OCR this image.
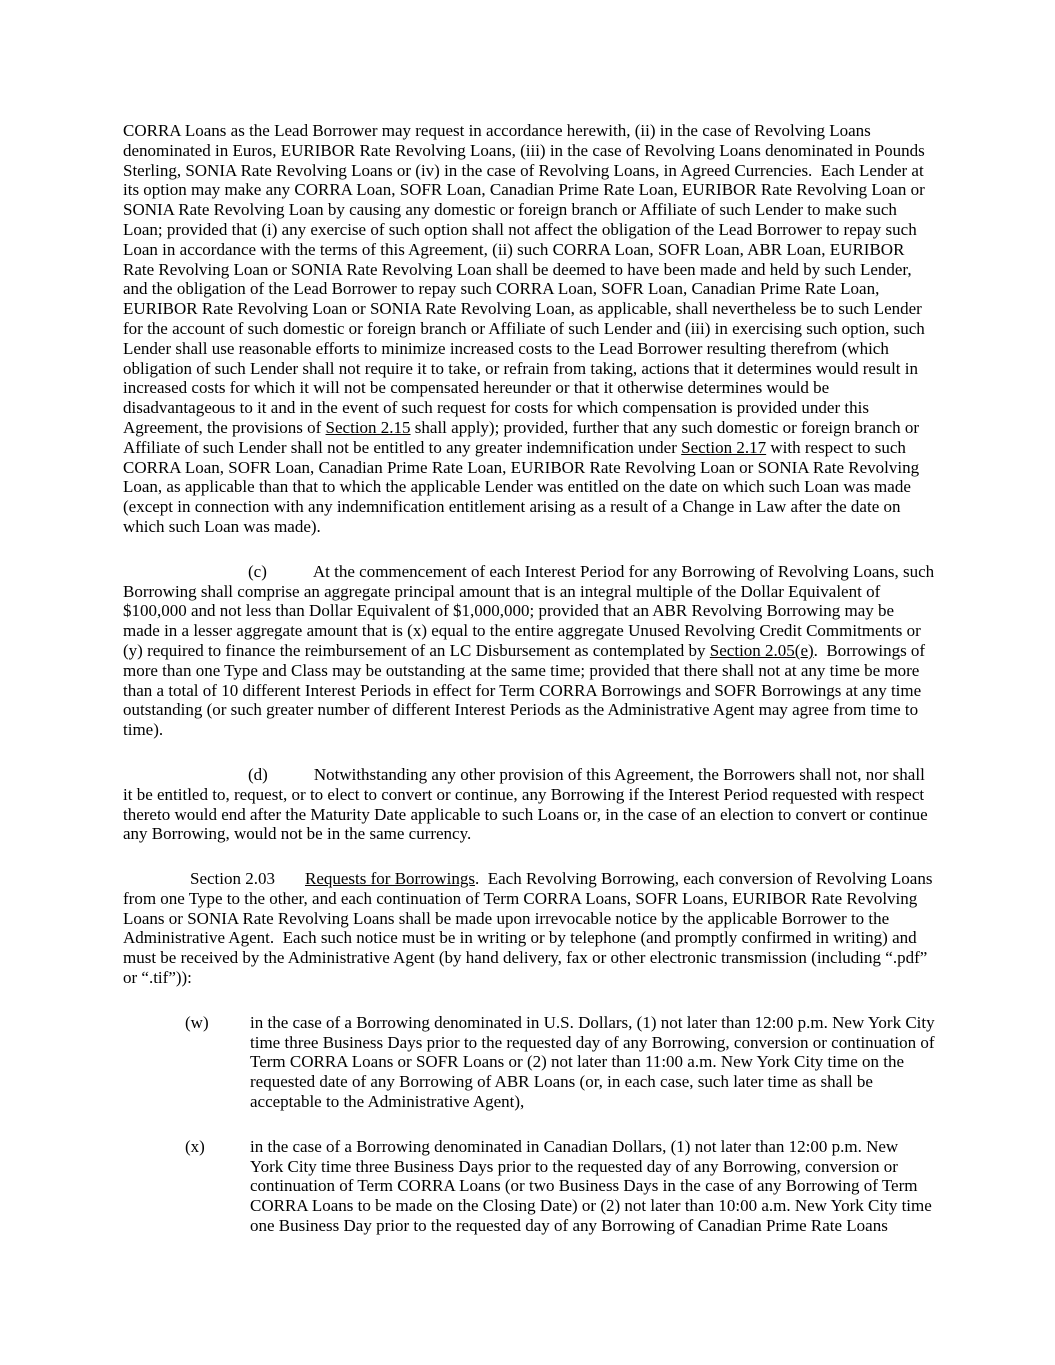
CORRA Loans as the Lead Borrower may request in accordance herewith, (ii) in the case of Revolving Loans denominated in Euros, EURIBOR Rate Revolving Loans, (iii) in the case of Revolving Loans denominated in Pounds Sterling, SONIA Rate Revolving Loans or (iv) in the case of Revolving Loans, in Agreed Currencies.  Each Lender at its option may make any CORRA Loan, SOFR Loan, Canadian Prime Rate Loan, EURIBOR Rate Revolving Loan or SONIA Rate Revolving Loan by causing any domestic or foreign branch or Affiliate of such Lender to make such Loan; provided that (i) any exercise of such option shall not affect the obligation of the Lead Borrower to repay such Loan in accordance with the terms of this Agreement, (ii) such CORRA Loan, SOFR Loan, ABR Loan, EURIBOR Rate Revolving Loan or SONIA Rate Revolving Loan shall be deemed to have been made and held by such Lender, and the obligation of the Lead Borrower to repay such CORRA Loan, SOFR Loan, Canadian Prime Rate Loan, EURIBOR Rate Revolving Loan or SONIA Rate Revolving Loan, as applicable, shall nevertheless be to such Lender for the account of such domestic or foreign branch or Affiliate of such Lender and (iii) in exercising such option, such Lender shall use reasonable efforts to minimize increased costs to the Lead Borrower resulting therefrom (which obligation of such Lender shall not require it to take, or refrain from taking, actions that it determines would result in increased costs for which it will not be compensated hereunder or that it otherwise determines would be disadvantageous to it and in the event of such request for costs for which compensation is provided under this Agreement, the provisions of Section 2.15 shall apply); provided, further that any such domestic or foreign branch or Affiliate of such Lender shall not be entitled to any greater indemnification under Section 2.17 with respect to such CORRA Loan, SOFR Loan, Canadian Prime Rate Loan, EURIBOR Rate Revolving Loan or SONIA Rate Revolving Loan, as applicable than that to which the applicable Lender was entitled on the date on which such Loan was made (except in connection with any indemnification entitlement arising as a result of a Change in Law after the date on which such Loan was made).

(c)	At the commencement of each Interest Period for any Borrowing of Revolving Loans, such Borrowing shall comprise an aggregate principal amount that is an integral multiple of the Dollar Equivalent of $100,000 and not less than Dollar Equivalent of $1,000,000; provided that an ABR Revolving Borrowing may be made in a lesser aggregate amount that is (x) equal to the entire aggregate Unused Revolving Credit Commitments or (y) required to finance the reimbursement of an LC Disbursement as contemplated by Section 2.05(e).  Borrowings of more than one Type and Class may be outstanding at the same time; provided that there shall not at any time be more than a total of 10 different Interest Periods in effect for Term CORRA Borrowings and SOFR Borrowings at any time outstanding (or such greater number of different Interest Periods as the Administrative Agent may agree from time to time).

(d)	Notwithstanding any other provision of this Agreement, the Borrowers shall not, nor shall it be entitled to, request, or to elect to convert or continue, any Borrowing if the Interest Period requested with respect thereto would end after the Maturity Date applicable to such Loans or, in the case of an election to convert or continue any Borrowing, would not be in the same currency.

Section 2.03 Requests for Borrowings.  Each Revolving Borrowing, each conversion of Revolving Loans from one Type to the other, and each continuation of Term CORRA Loans, SOFR Loans, EURIBOR Rate Revolving Loans or SONIA Rate Revolving Loans shall be made upon irrevocable notice by the applicable Borrower to the Administrative Agent.  Each such notice must be in writing or by telephone (and promptly confirmed in writing) and must be received by the Administrative Agent (by hand delivery, fax or other electronic transmission (including “.pdf” or “.tif”)):

(w) in the case of a Borrowing denominated in U.S. Dollars, (1) not later than 12:00 p.m. New York City time three Business Days prior to the requested day of any Borrowing, conversion or continuation of Term CORRA Loans or SOFR Loans or (2) not later than 11:00 a.m. New York City time on the requested date of any Borrowing of ABR Loans (or, in each case, such later time as shall be acceptable to the Administrative Agent),
(x)	in the case of a Borrowing denominated in Canadian Dollars, (1) not later than 12:00 p.m. New York City time three Business Days prior to the requested day of any Borrowing, conversion or continuation of Term CORRA Loans (or two Business Days in the case of any Borrowing of Term CORRA Loans to be made on the Closing Date) or (2) not later than 10:00 a.m. New York City time one Business Day prior to the requested day of any Borrowing of Canadian Prime Rate Loans
